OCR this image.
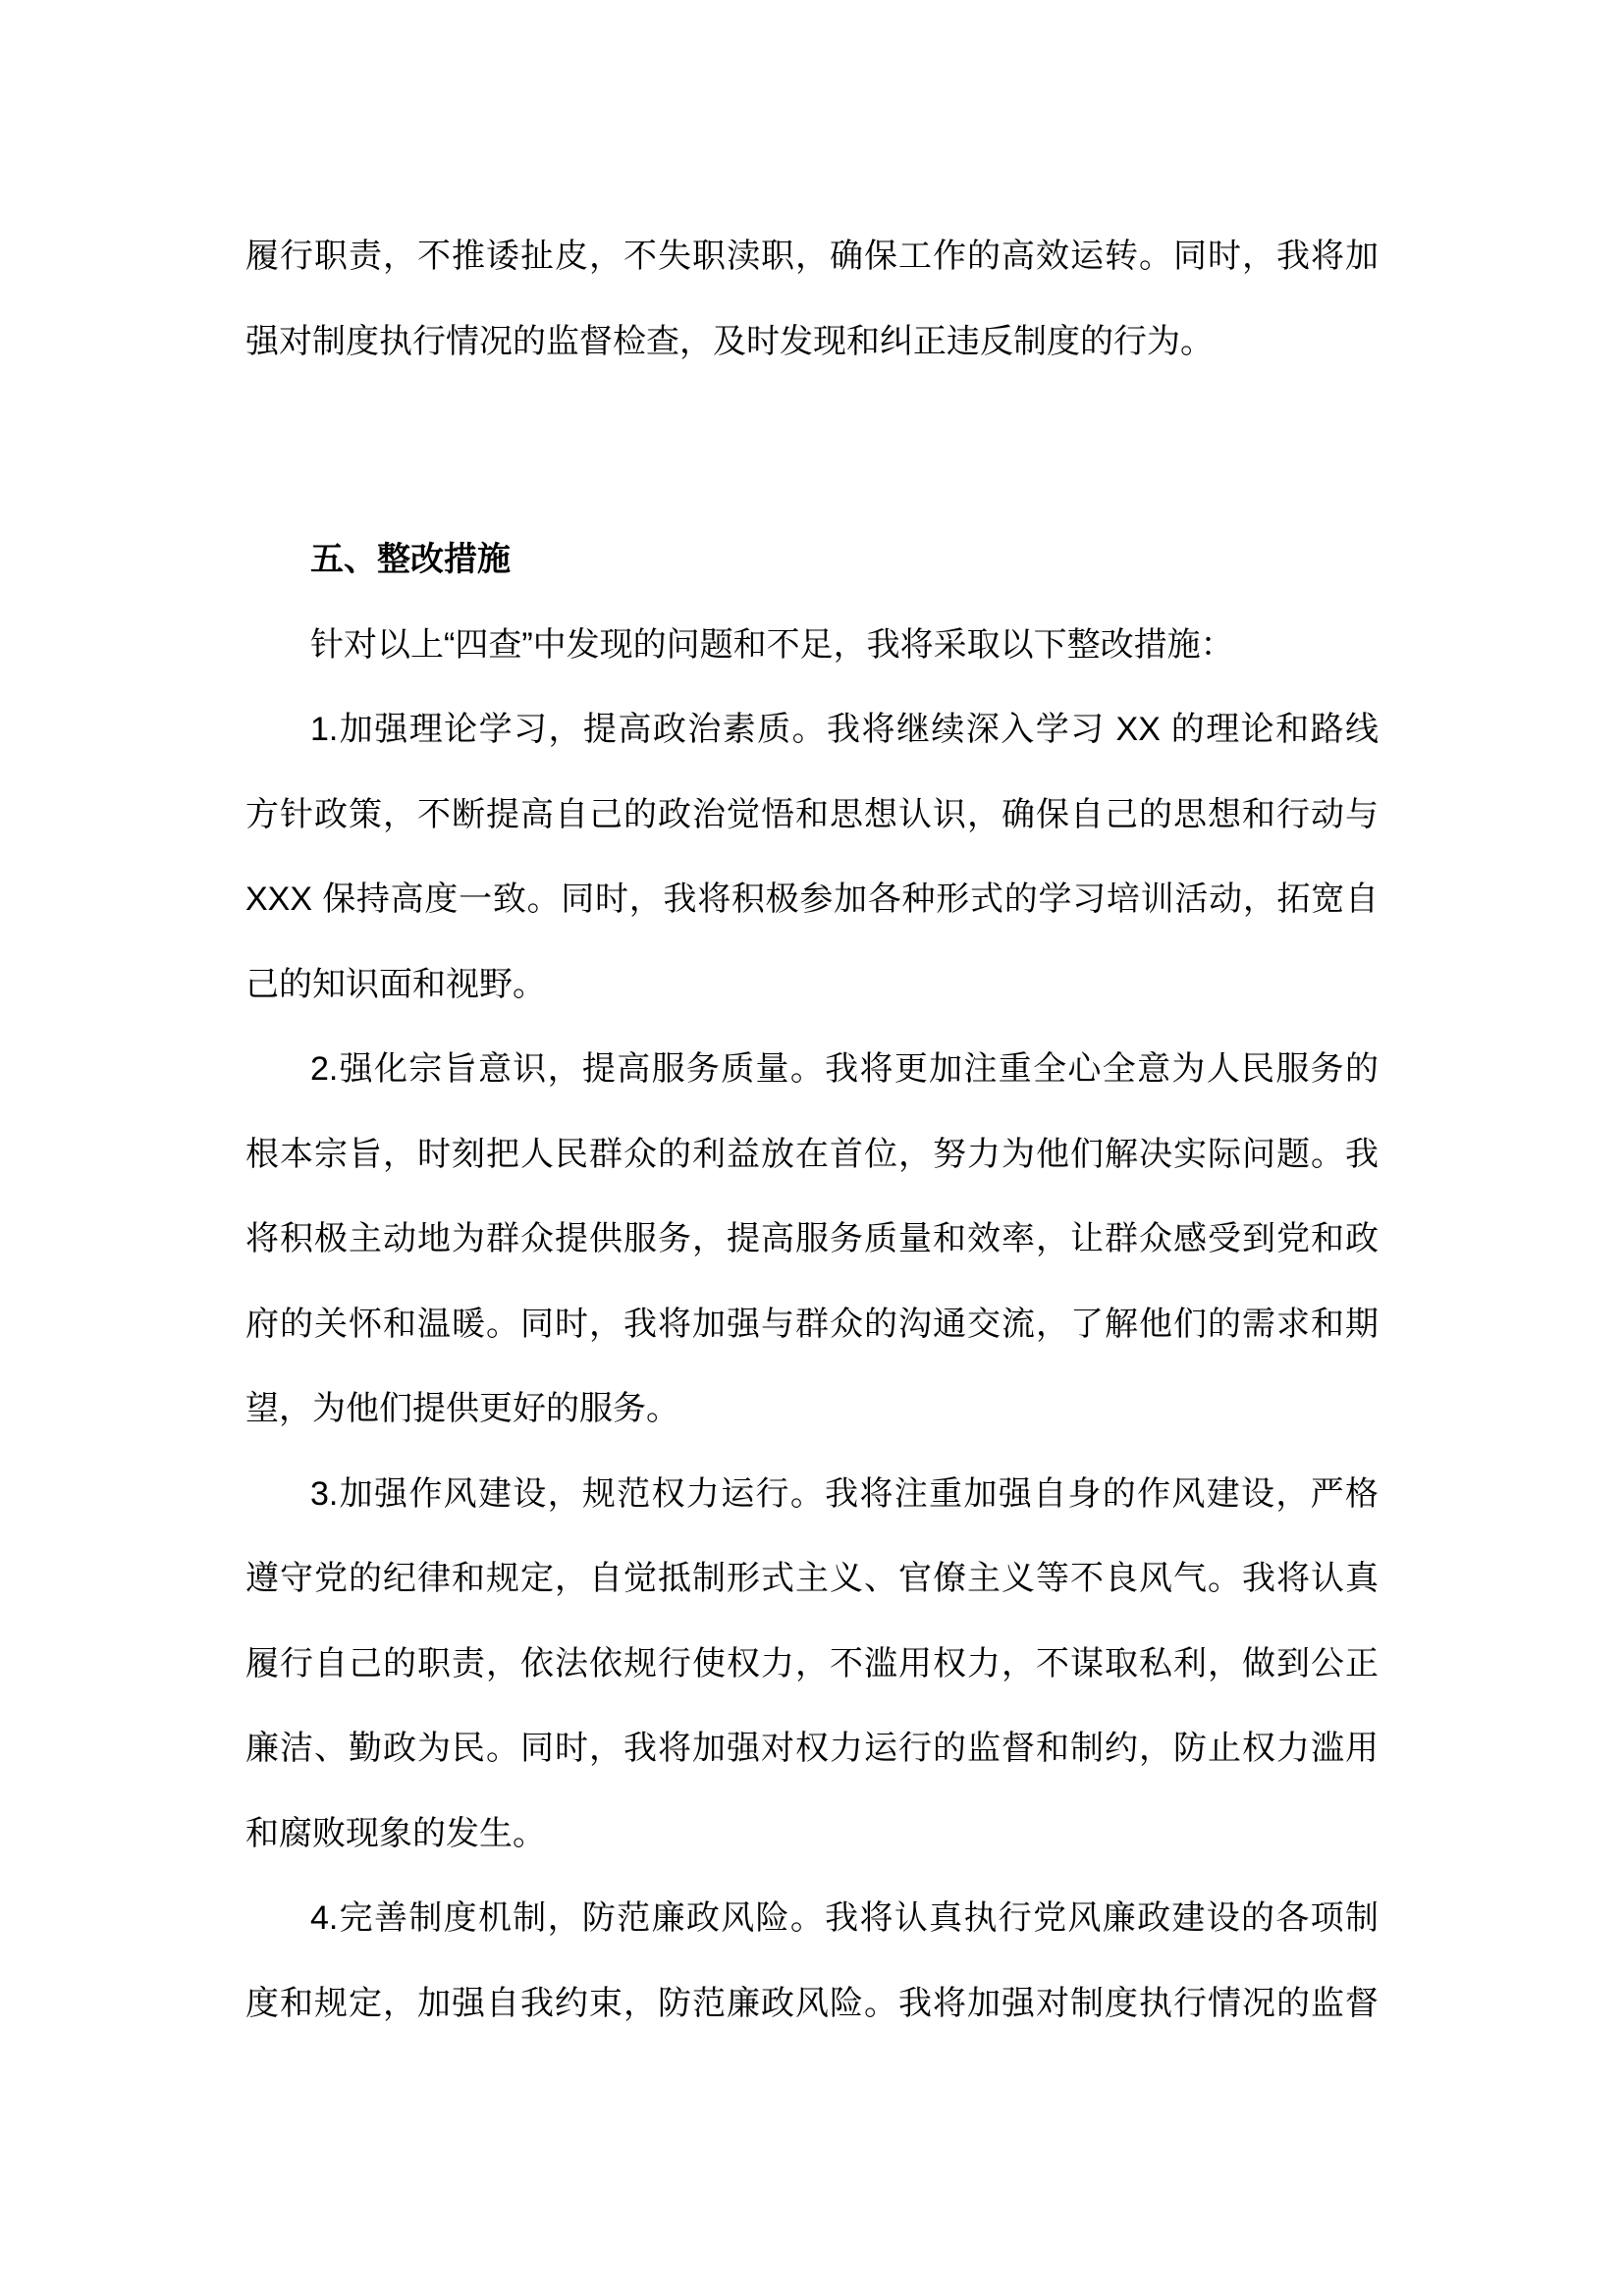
履行职责，不推诿扯皮，不失职渎职，确保工作的高效运转。同时，我将加
强对制度执行情况的监督检查，及时发现和纠正违反制度的行为。
五、整改措施
针对以上“四查”中发现的问题和不足，我将采取以下整改措施：
1.加强理论学习，提高政治素质。我将继续深入学习 XX 的理论和路线
方针政策，不断提高自己的政治觉悟和思想认识，确保自己的思想和行动与
XXX 保持高度一致。同时，我将积极参加各种形式的学习培训活动，拓宽自
己的知识面和视野。
2.强化宗旨意识，提高服务质量。我将更加注重全心全意为人民服务的
根本宗旨，时刻把人民群众的利益放在首位，努力为他们解决实际问题。我
将积极主动地为群众提供服务，提高服务质量和效率，让群众感受到党和政
府的关怀和温暖。同时，我将加强与群众的沟通交流，了解他们的需求和期
望，为他们提供更好的服务。
3.加强作风建设，规范权力运行。我将注重加强自身的作风建设，严格
遵守党的纪律和规定，自觉抵制形式主义、官僚主义等不良风气。我将认真
履行自己的职责，依法依规行使权力，不滥用权力，不谋取私利，做到公正
廉洁、勤政为民。同时，我将加强对权力运行的监督和制约，防止权力滥用
和腐败现象的发生。
4.完善制度机制，防范廉政风险。我将认真执行党风廉政建设的各项制
度和规定，加强自我约束，防范廉政风险。我将加强对制度执行情况的监督
